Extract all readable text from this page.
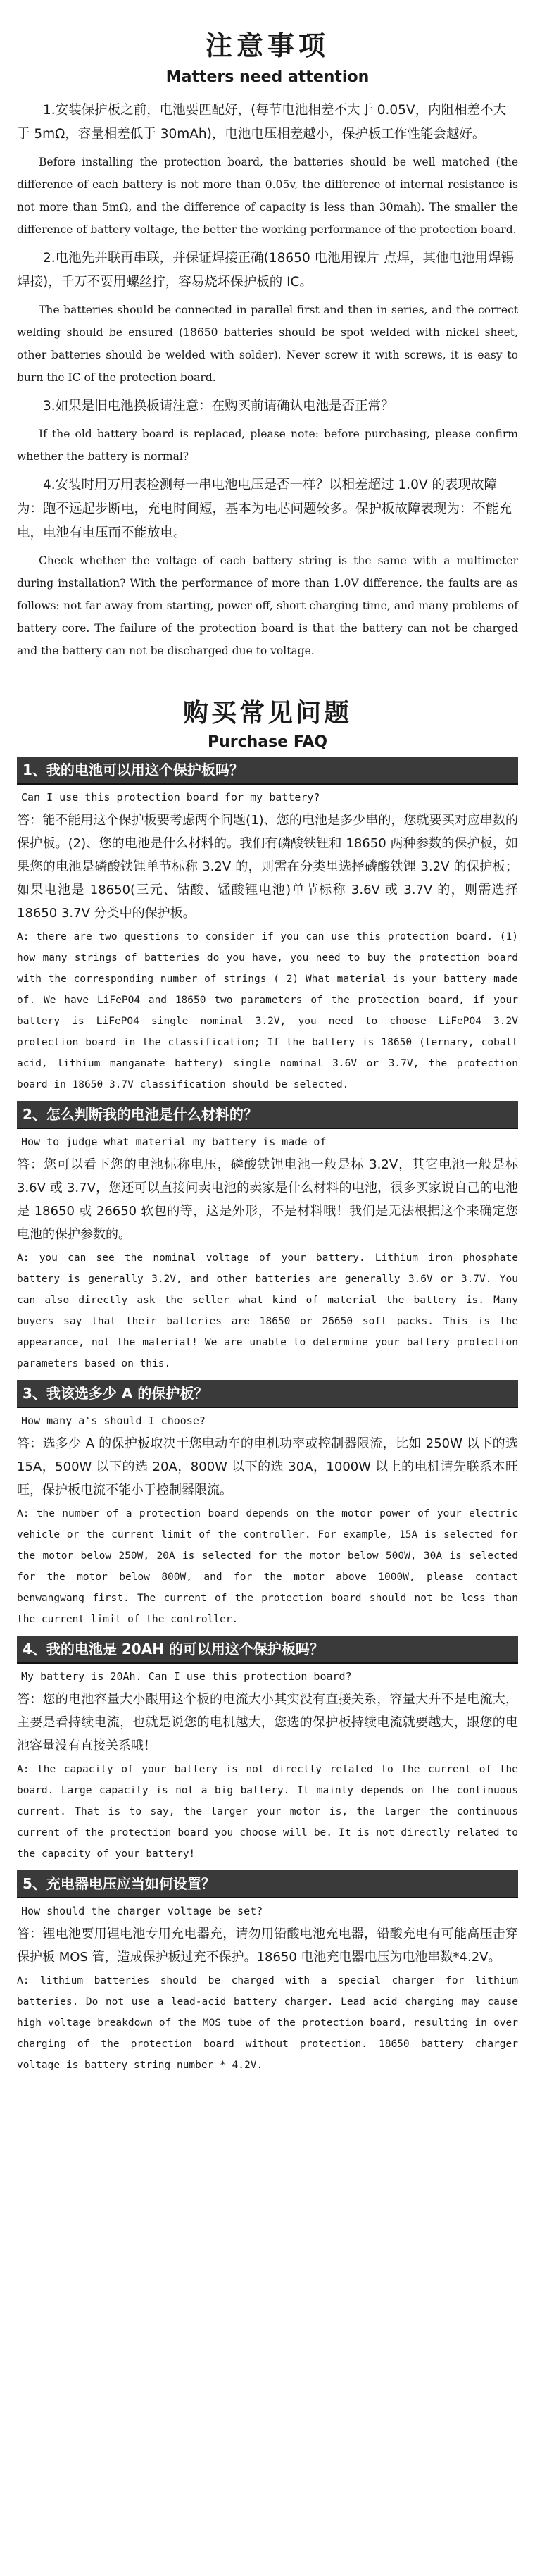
注意事项
Matters need attention

1.安装保护板之前，电池要匹配好，(每节电池相差不大于 0.05V，内阻相差不大于 5mΩ，容量相差低于 30mAh)，电池电压相差越小，保护板工作性能会越好。

Before installing the protection board, the batteries should be well matched (the difference of each battery is not more than 0.05v, the difference of internal resistance is not more than 5mΩ, and the difference of capacity is less than 30mah). The smaller the difference of battery voltage, the better the working performance of the protection board.

2.电池先并联再串联，并保证焊接正确(18650 电池用镍片 点焊，其他电池用焊锡焊接)，千万不要用螺丝拧，容易烧坏保护板的 IC。

The batteries should be connected in parallel first and then in series, and the correct welding should be ensured (18650 batteries should be spot welded with nickel sheet, other batteries should be welded with solder). Never screw it with screws, it is easy to burn the IC of the protection board.

3.如果是旧电池换板请注意：在购买前请确认电池是否正常？

If the old battery board is replaced, please note: before purchasing, please confirm whether the battery is normal?

4.安装时用万用表检测每一串电池电压是否一样？以相差超过 1.0V 的表现故障为：跑不远起步断电，充电时间短，基本为电芯问题较多。保护板故障表现为：不能充电，电池有电压而不能放电。

Check whether the voltage of each battery string is the same with a multimeter during installation? With the performance of more than 1.0V difference, the faults are as follows: not far away from starting, power off, short charging time, and many problems of battery core. The failure of the protection board is that the battery can not be charged and the battery can not be discharged due to voltage.

购买常见问题
Purchase FAQ
1、我的电池可以用这个保护板吗？

Can I use this protection board for my battery?

答：能不能用这个保护板要考虑两个问题(1)、您的电池是多少串的，您就要买对应串数的保护板。(2)、您的电池是什么材料的。我们有磷酸铁锂和 18650 两种参数的保护板，如果您的电池是磷酸铁锂单节标称 3.2V 的，则需在分类里选择磷酸铁锂 3.2V 的保护板；如果电池是 18650(三元、钴酸、锰酸锂电池)单节标称 3.6V 或 3.7V 的，则需选择 18650 3.7V 分类中的保护板。

A: there are two questions to consider if you can use this protection board. (1) how many strings of batteries do you have, you need to buy the protection board with the corresponding number of strings ( 2) What material is your battery made of. We have LiFePO4 and 18650 two parameters of the protection board, if your battery is LiFePO4 single nominal 3.2V, you need to choose LiFePO4 3.2V protection board in the classification; If the battery is 18650 (ternary, cobalt acid, lithium manganate battery) single nominal 3.6V or 3.7V, the protection board in 18650 3.7V classification should be selected.

2、怎么判断我的电池是什么材料的？

How to judge what material my battery is made of

答：您可以看下您的电池标称电压，磷酸铁锂电池一般是标 3.2V，其它电池一般是标 3.6V 或 3.7V，您还可以直接问卖电池的卖家是什么材料的电池，很多买家说自己的电池是 18650 或 26650 软包的等，这是外形，不是材料哦！我们是无法根据这个来确定您电池的保护参数的。

A: you can see the nominal voltage of your battery. Lithium iron phosphate battery is generally 3.2V, and other batteries are generally 3.6V or 3.7V. You can also directly ask the seller what kind of material the battery is. Many buyers say that their batteries are 18650 or 26650 soft packs. This is the appearance, not the material! We are unable to determine your battery protection parameters based on this.

3、我该选多少 A 的保护板？

How many a's should I choose?

答：选多少 A 的保护板取决于您电动车的电机功率或控制器限流，比如 250W 以下的选 15A，500W 以下的选 20A，800W 以下的选 30A，1000W 以上的电机请先联系本旺旺，保护板电流不能小于控制器限流。

A: the number of a protection board depends on the motor power of your electric vehicle or the current limit of the controller. For example, 15A is selected for the motor below 250W, 20A is selected for the motor below 500W, 30A is selected for the motor below 800W, and for the motor above 1000W, please contact benwangwang first. The current of the protection board should not be less than the current limit of the controller.

4、我的电池是 20AH 的可以用这个保护板吗？

My battery is 20Ah. Can I use this protection board?

答：您的电池容量大小跟用这个板的电流大小其实没有直接关系，容量大并不是电流大，主要是看持续电流，也就是说您的电机越大，您选的保护板持续电流就要越大，跟您的电池容量没有直接关系哦！

A: the capacity of your battery is not directly related to the current of the board. Large capacity is not a big battery. It mainly depends on the continuous current. That is to say, the larger your motor is, the larger the continuous current of the protection board you choose will be. It is not directly related to the capacity of your battery!

5、充电器电压应当如何设置？

How should the charger voltage be set?

答：锂电池要用锂电池专用充电器充，请勿用铅酸电池充电器，铅酸充电有可能高压击穿保护板 MOS 管，造成保护板过充不保护。18650 电池充电器电压为电池串数*4.2V。

A: lithium batteries should be charged with a special charger for lithium batteries. Do not use a lead-acid battery charger. Lead acid charging may cause high voltage breakdown of the MOS tube of the protection board, resulting in over charging of the protection board without protection. 18650 battery charger voltage is battery string number * 4.2V.
